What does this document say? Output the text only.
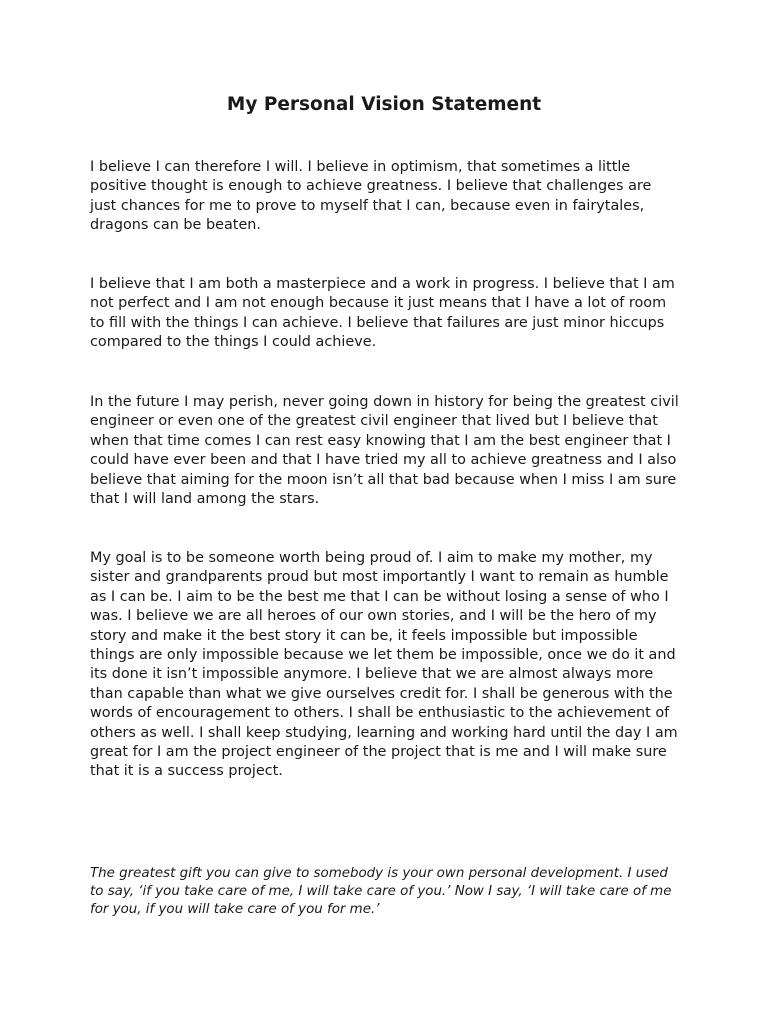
My Personal Vision Statement

I believe I can therefore I will. I believe in optimism, that sometimes a little positive thought is enough to achieve greatness. I believe that challenges are just chances for me to prove to myself that I can, because even in fairytales, dragons can be beaten.

I believe that I am both a masterpiece and a work in progress. I believe that I am not perfect and I am not enough because it just means that I have a lot of room to fill with the things I can achieve. I believe that failures are just minor hiccups compared to the things I could achieve.

In the future I may perish, never going down in history for being the greatest civil engineer or even one of the greatest civil engineer that lived but I believe that when that time comes I can rest easy knowing that I am the best engineer that I could have ever been and that I have tried my all to achieve greatness and I also believe that aiming for the moon isn’t all that bad because when I miss I am sure that I will land among the stars.

My goal is to be someone worth being proud of. I aim to make my mother, my sister and grandparents proud but most importantly I want to remain as humble as I can be. I aim to be the best me that I can be without losing a sense of who I was. I believe we are all heroes of our own stories, and I will be the hero of my story and make it the best story it can be, it feels impossible but impossible things are only impossible because we let them be impossible, once we do it and its done it isn’t impossible anymore. I believe that we are almost always more than capable than what we give ourselves credit for. I shall be generous with the words of encouragement to others. I shall be enthusiastic to the achievement of others as well. I shall keep studying, learning and working hard until the day I am great for I am the project engineer of the project that is me and I will make sure that it is a success project.

The greatest gift you can give to somebody is your own personal development. I used to say, ‘if you take care of me, I will take care of you.’ Now I say, ‘I will take care of me for you, if you will take care of you for me.’
